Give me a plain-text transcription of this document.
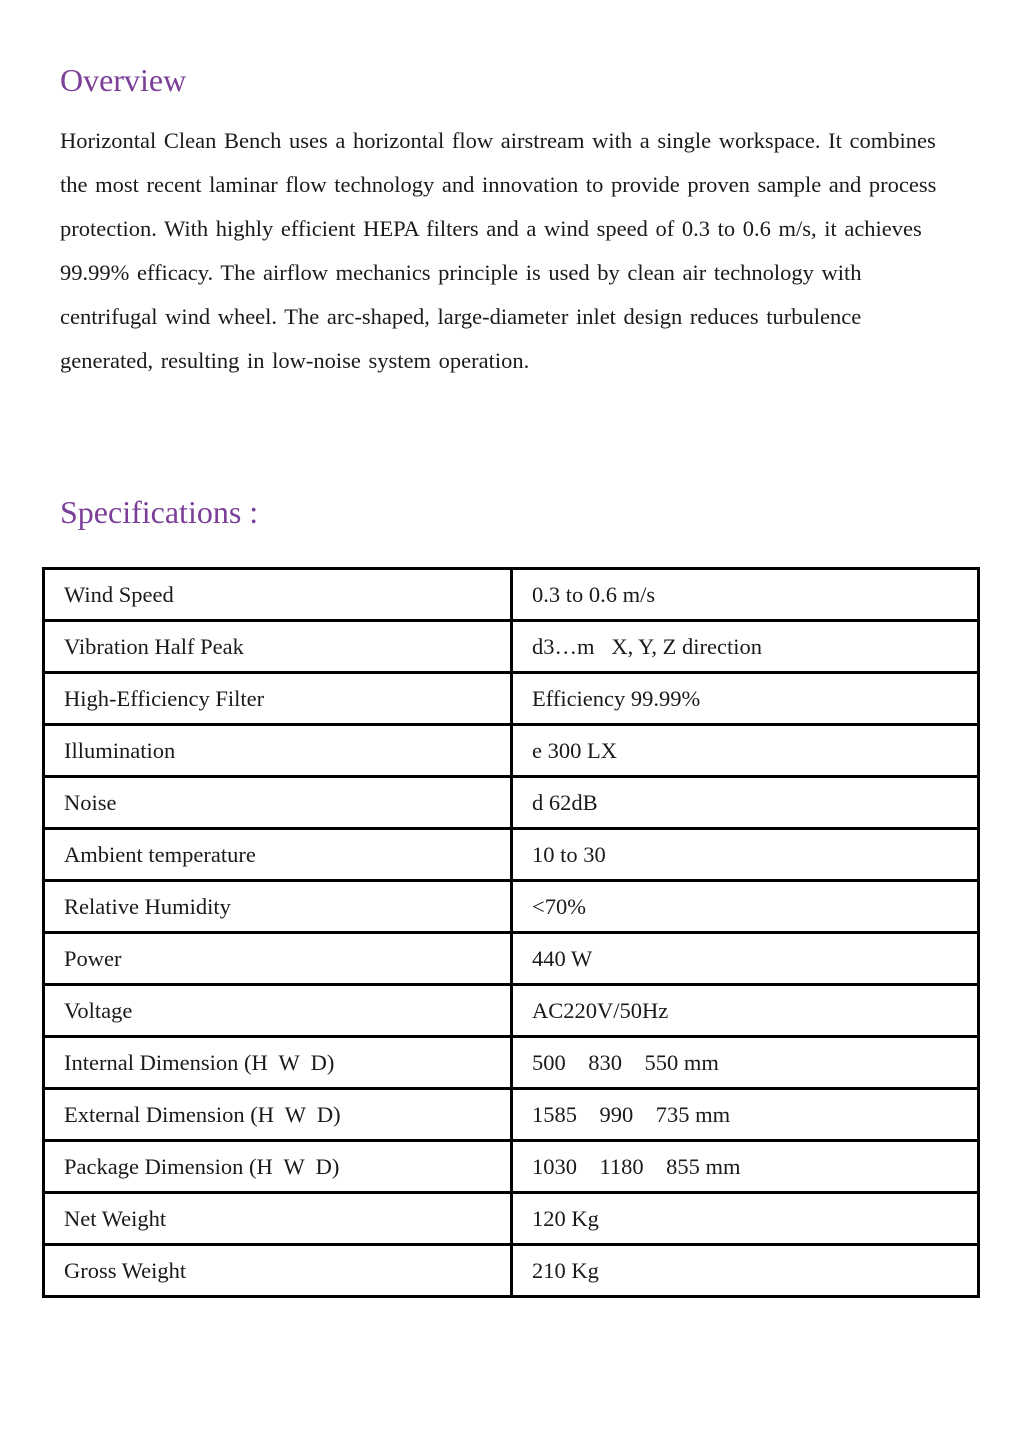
Overview

Horizontal Clean Bench uses a horizontal flow airstream with a single workspace. It combines the most recent laminar flow technology and innovation to provide proven sample and process protection. With highly efficient HEPA filters and a wind speed of 0.3 to 0.6 m/s, it achieves 99.99% efficacy. The airflow mechanics principle is used by clean air technology with centrifugal wind wheel. The arc-shaped, large-diameter inlet design reduces turbulence generated, resulting in low-noise system operation.

Specifications :
Wind Speed	0.3 to 0.6 m/s
Vibration Half Peak	d3…m   X, Y, Z direction
High-Efficiency Filter	Efficiency 99.99%
Illumination	e 300 LX
Noise	d 62dB
Ambient temperature	10 to 30
Relative Humidity	<70%
Power	440 W
Voltage	AC220V/50Hz
Internal Dimension (H  W  D)	500    830    550 mm
External Dimension (H  W  D)	1585    990    735 mm
Package Dimension (H  W  D)	1030    1180    855 mm
Net Weight	120 Kg
Gross Weight	210 Kg
